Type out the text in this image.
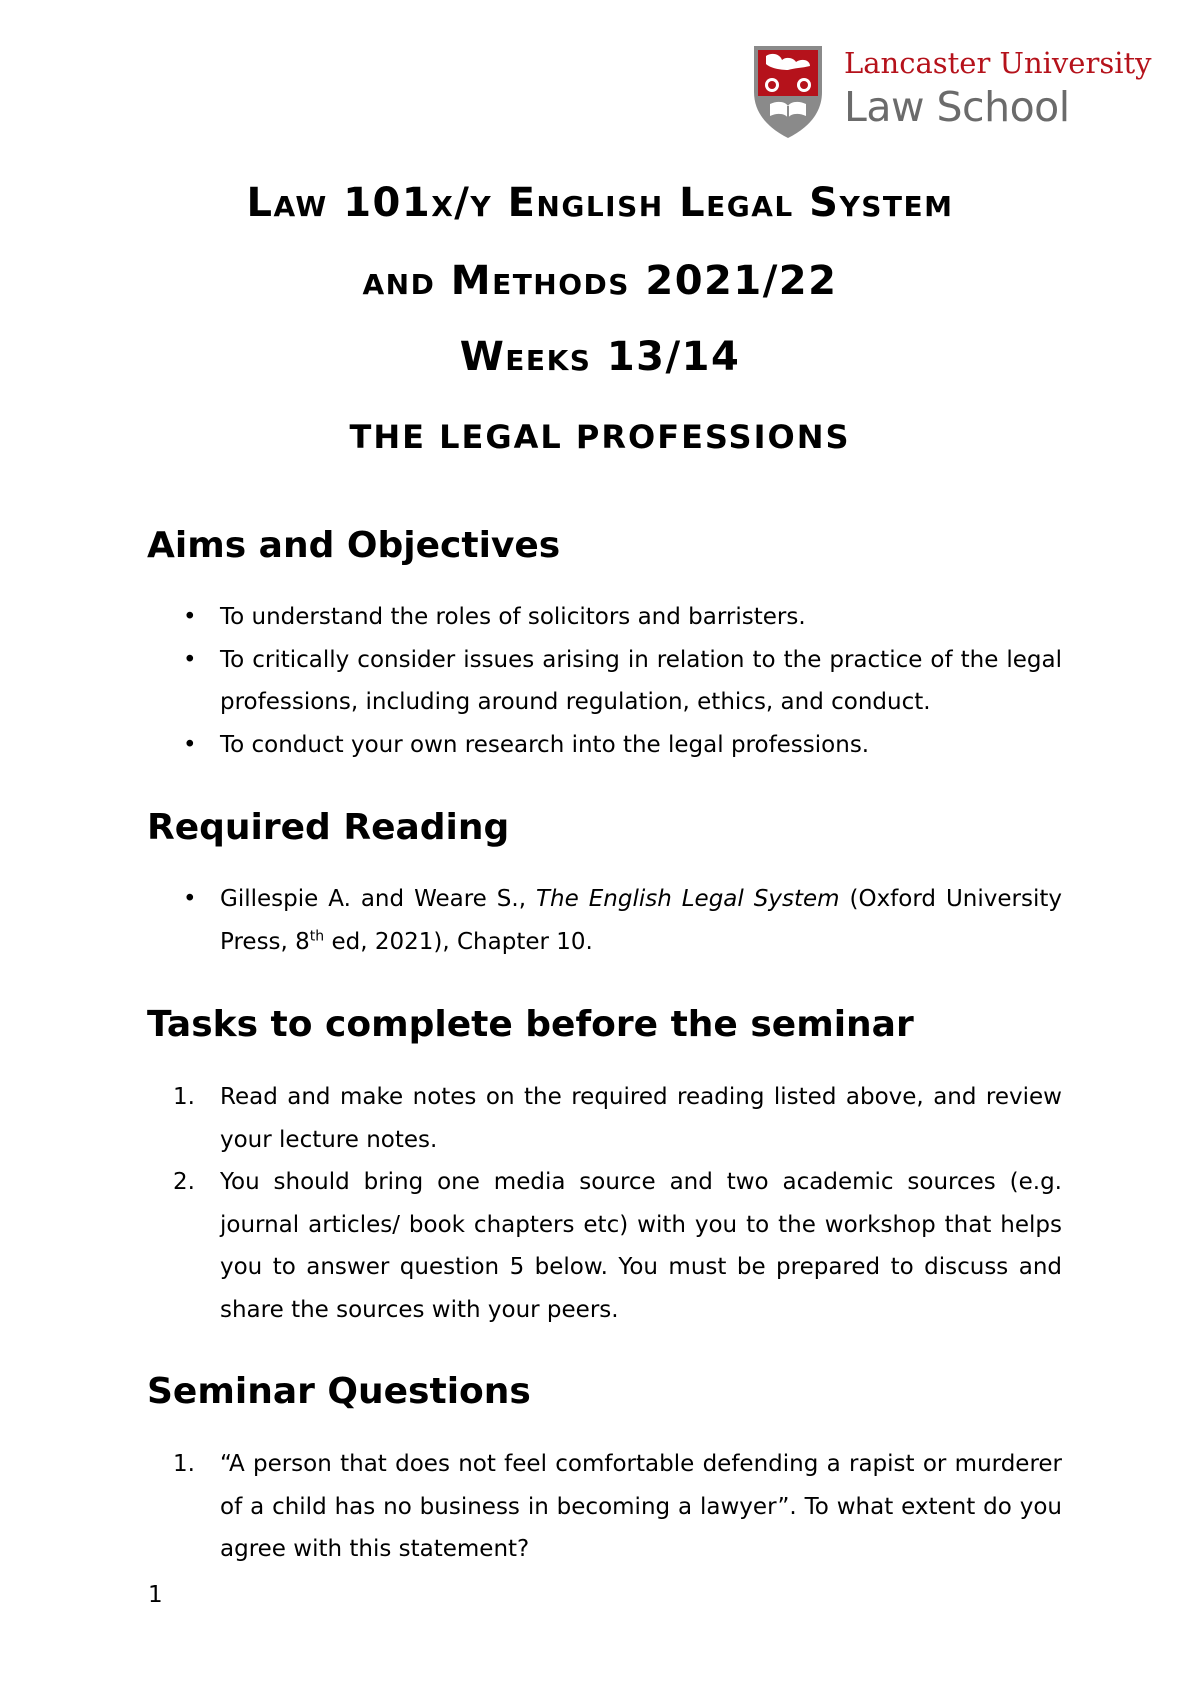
Lancaster University
Law School
Law 101x/y English Legal System
and Methods 2021/22
Weeks 13/14
THE LEGAL PROFESSIONS
Aims and Objectives
• To understand the roles of solicitors and barristers.
• To critically consider issues arising in relation to the practice of the legal professions, including around regulation, ethics, and conduct.
• To conduct your own research into the legal professions.
Required Reading
• Gillespie A. and Weare S., The English Legal System (Oxford University Press, 8th ed, 2021), Chapter 10.
Tasks to complete before the seminar
1. Read and make notes on the required reading listed above, and review your lecture notes.
2. You should bring one media source and two academic sources (e.g. journal articles/ book chapters etc) with you to the workshop that helps you to answer question 5 below. You must be prepared to discuss and share the sources with your peers.
Seminar Questions
1. “A person that does not feel comfortable defending a rapist or murderer of a child has no business in becoming a lawyer”. To what extent do you agree with this statement?
1
